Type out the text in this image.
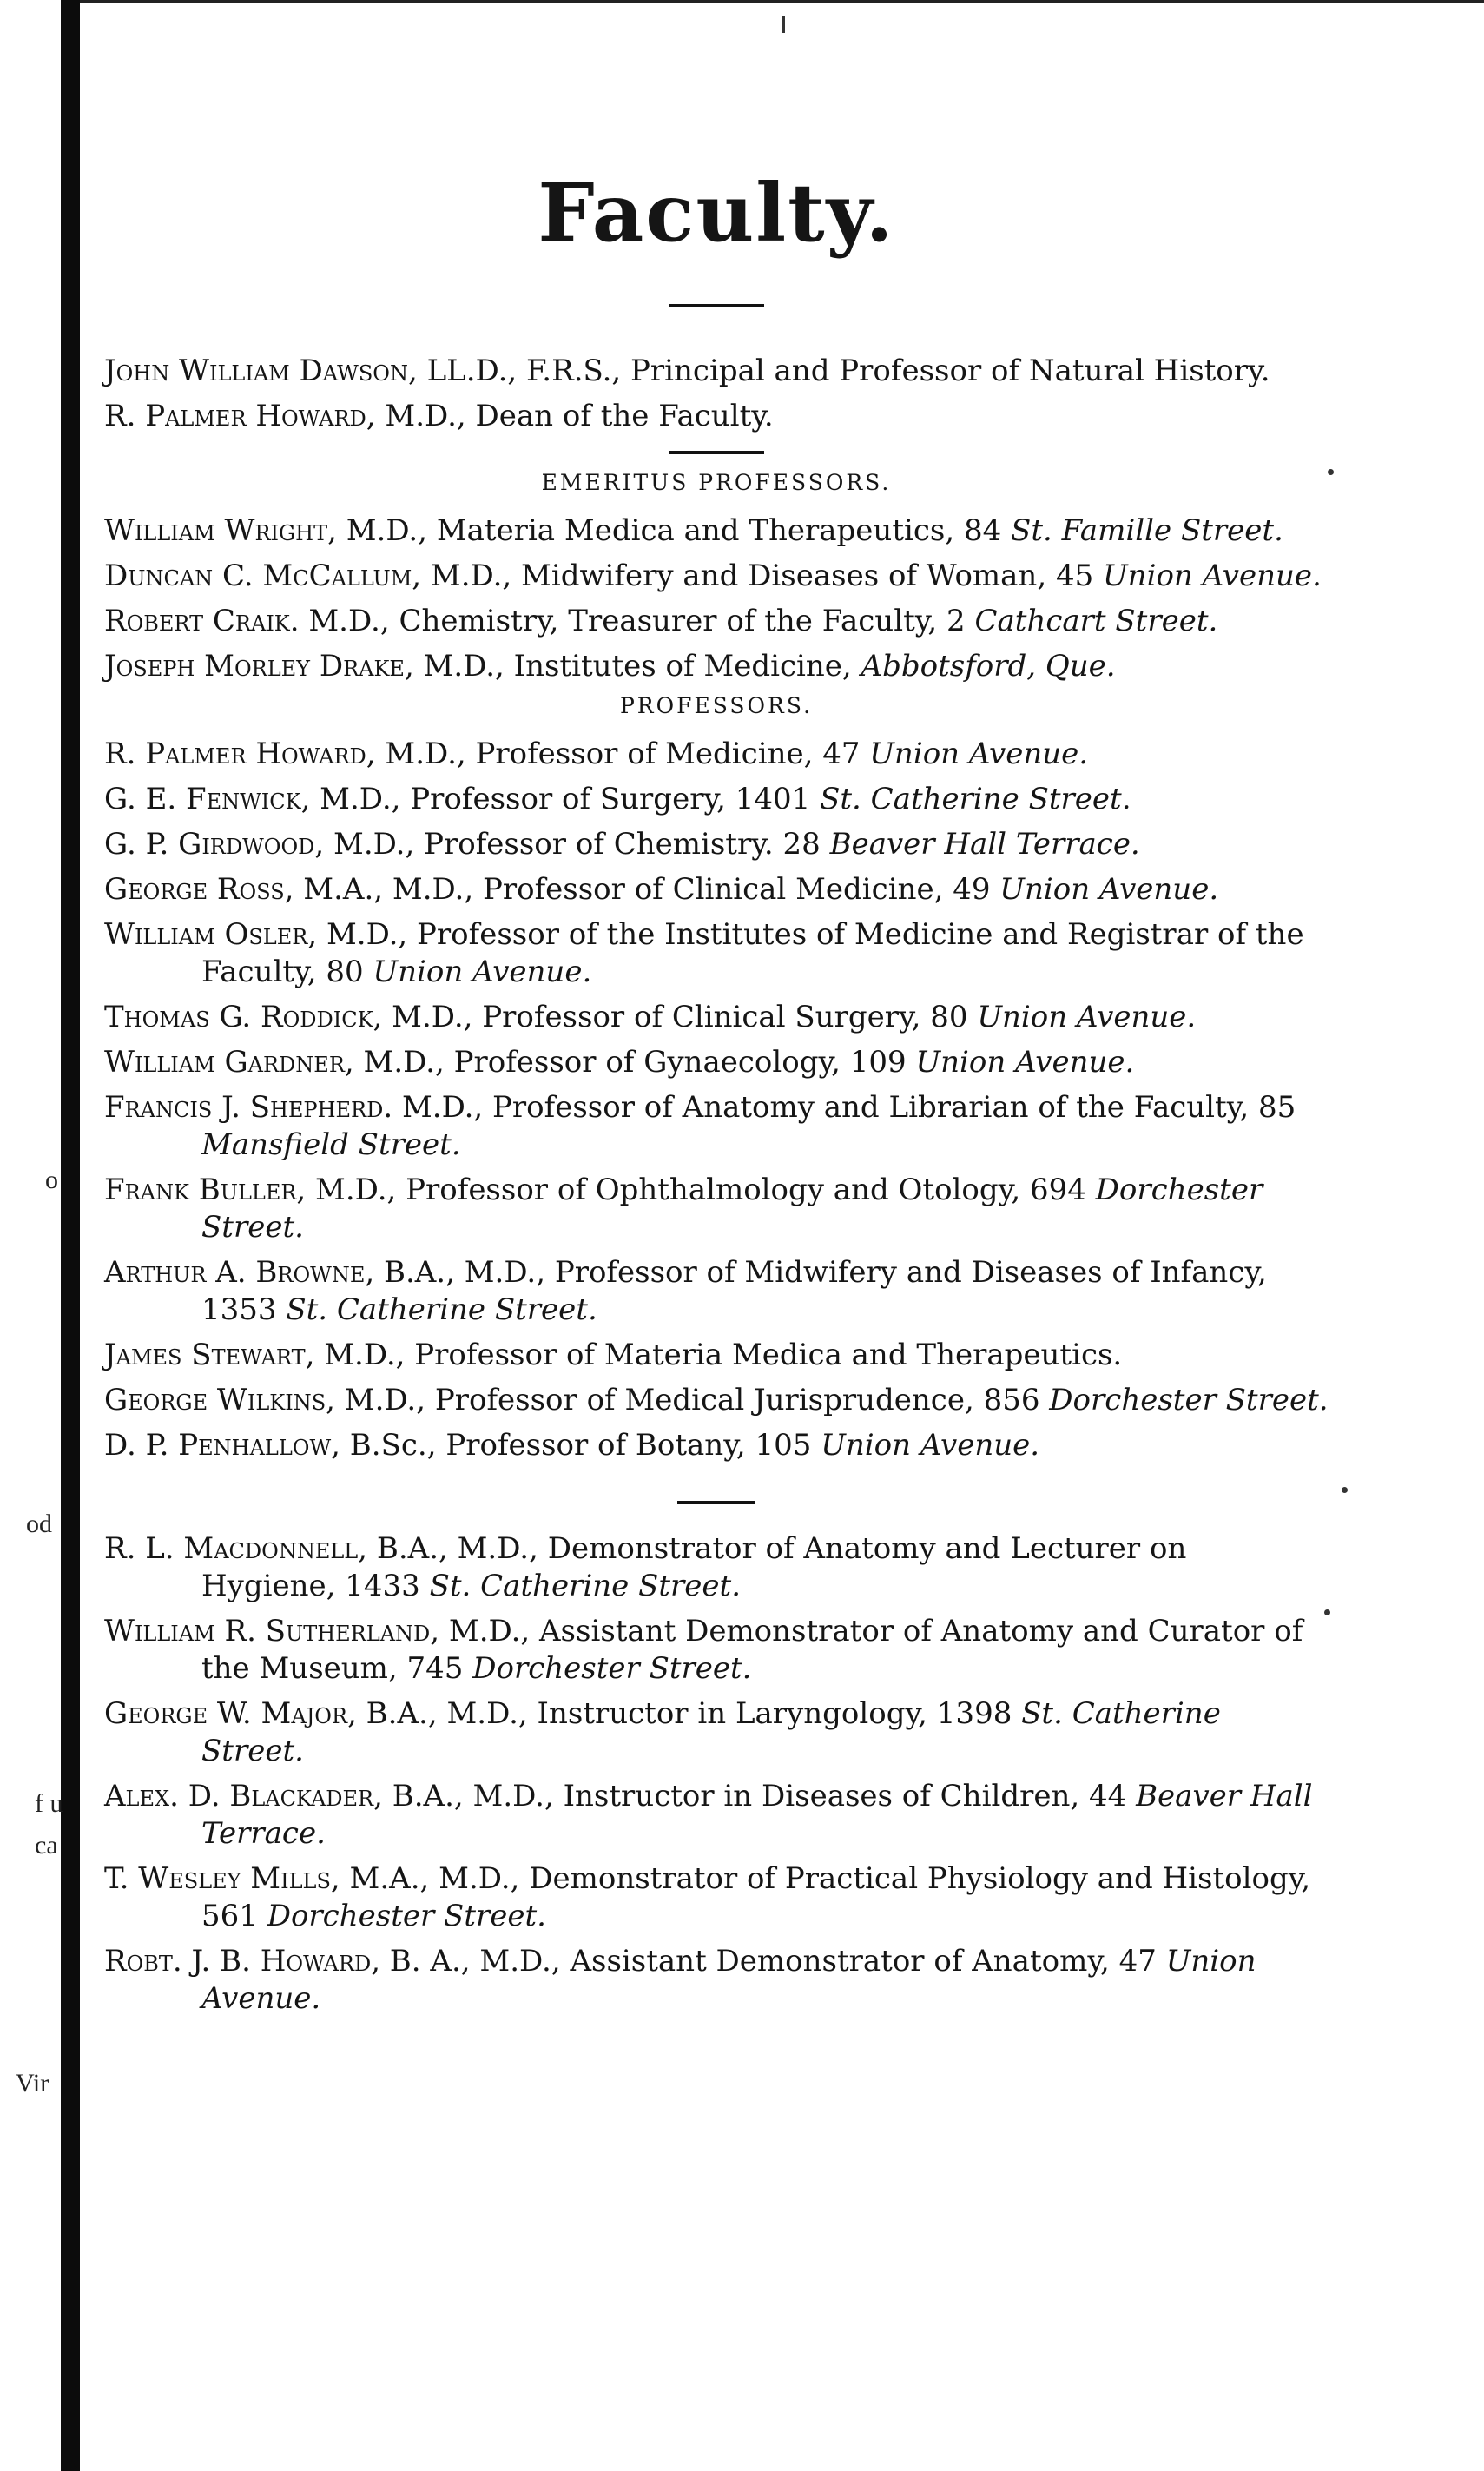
o
od
f u
ca
Vir
Faculty.

John William Dawson, LL.D., F.R.S., Principal and Professor of Natural History.

R. Palmer Howard, M.D., Dean of the Faculty.

EMERITUS PROFESSORS.

William Wright, M.D., Materia Medica and Therapeutics, 84 St. Famille Street.

Duncan C. McCallum, M.D., Midwifery and Diseases of Woman, 45 Union Avenue.

Robert Craik. M.D., Chemistry, Treasurer of the Faculty, 2 Cathcart Street.

Joseph Morley Drake, M.D., Institutes of Medicine, Abbotsford, Que.

PROFESSORS.

R. Palmer Howard, M.D., Professor of Medicine, 47 Union Avenue.

G. E. Fenwick, M.D., Professor of Surgery, 1401 St. Catherine Street.

G. P. Girdwood, M.D., Professor of Chemistry. 28 Beaver Hall Terrace.

George Ross, M.A., M.D., Professor of Clinical Medicine, 49 Union Avenue.

William Osler, M.D., Professor of the Institutes of Medicine and Registrar of the Faculty, 80 Union Avenue.

Thomas G. Roddick, M.D., Professor of Clinical Surgery, 80 Union Avenue.

William Gardner, M.D., Professor of Gynaecology, 109 Union Avenue.

Francis J. Shepherd. M.D., Professor of Anatomy and Librarian of the Faculty, 85 Mansfield Street.

Frank Buller, M.D., Professor of Ophthalmology and Otology, 694 Dorchester Street.

Arthur A. Browne, B.A., M.D., Professor of Midwifery and Diseases of Infancy, 1353 St. Catherine Street.

James Stewart, M.D., Professor of Materia Medica and Therapeutics.

George Wilkins, M.D., Professor of Medical Jurisprudence, 856 Dorchester Street.

D. P. Penhallow, B.Sc., Professor of Botany, 105 Union Avenue.

R. L. Macdonnell, B.A., M.D., Demonstrator of Anatomy and Lecturer on Hygiene, 1433 St. Catherine Street.

William R. Sutherland, M.D., Assistant Demonstrator of Anatomy and Curator of the Museum, 745 Dorchester Street.

George W. Major, B.A., M.D., Instructor in Laryngology, 1398 St. Catherine Street.

Alex. D. Blackader, B.A., M.D., Instructor in Diseases of Children, 44 Beaver Hall Terrace.

T. Wesley Mills, M.A., M.D., Demonstrator of Practical Physiology and Histology, 561 Dorchester Street.

Robt. J. B. Howard, B. A., M.D., Assistant Demonstrator of Anatomy, 47 Union Avenue.
